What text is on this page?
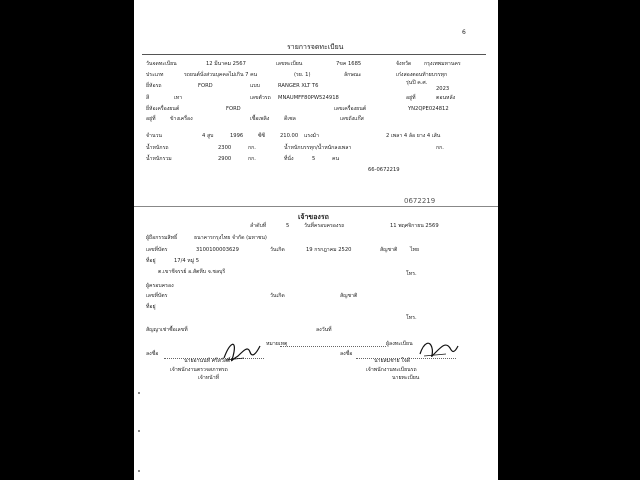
6
รายการจดทะเบียน
วันจดทะเบียน	12 มีนาคม 2567	เลขทะเบียน	7ขค 1685	จังหวัด กรุงเทพมหานคร
ประเภท	รถยนต์นั่งส่วนบุคคลไม่เกิน 7 คน	(รย. 1)	ลักษณะ	เก๋งสองตอนท้ายบรรทุก
ยี่ห้อรถ	FORD	แบบ	RANGER XLT T6	รุ่นปี ค.ศ.
2023
สี	เทา	เลขตัวรถ MNAUMFF80PW524918	อยู่ที่	ตอนหลัง
ยี่ห้อเครื่องยนต์	FORD	เลขเครื่องยนต์	YN2QPE024812
อยู่ที่	ข้างเครื่อง	เชื้อเพลิง	ดีเซล	เลขถังแก๊ส
จำนวน	4 สูบ	1996	ซีซี	210.00 แรงม้า	2 เพลา 4 ล้อ ยาง 4 เส้น
น้ำหนักรถ	2300	กก.	น้ำหนักบรรทุก/น้ำหนักลงเพลา	กก.
น้ำหนักรวม	2900	กก.	ที่นั่ง	5	คน
66-0672219
0672219
เจ้าของรถ
ลำดับที่	5	วันที่ครอบครองรถ	11 พฤศจิกายน 2569
ผู้ถือกรรมสิทธิ์	ธนาคารกรุงไทย จำกัด (มหาชน)
เลขที่บัตร	3100100003629	วันเกิด	19 กรกฎาคม 2520	สัญชาติ ไทย
ที่อยู่	17/4 หมู่ 5
ต.เขาชีจรรย์ อ.สัตหีบ จ.ชลบุรี	โทร.
ผู้ครอบครอง
เลขที่บัตร	วันเกิด	สัญชาติ
ที่อยู่
โทร.
สัญญาเช่าซื้อเลขที่	ลงวันที่
หมายเหตุ	ผู้ลงทะเบียน
ลงชื่อ
นายอานนท์ ศรีสวัสดิ์
เจ้าพนักงานตรวจสภาพรถ
เจ้าหน้าที่
ลงชื่อ
นายสมชาย ใจดี
เจ้าพนักงานทะเบียนรถ
นายทะเบียน
